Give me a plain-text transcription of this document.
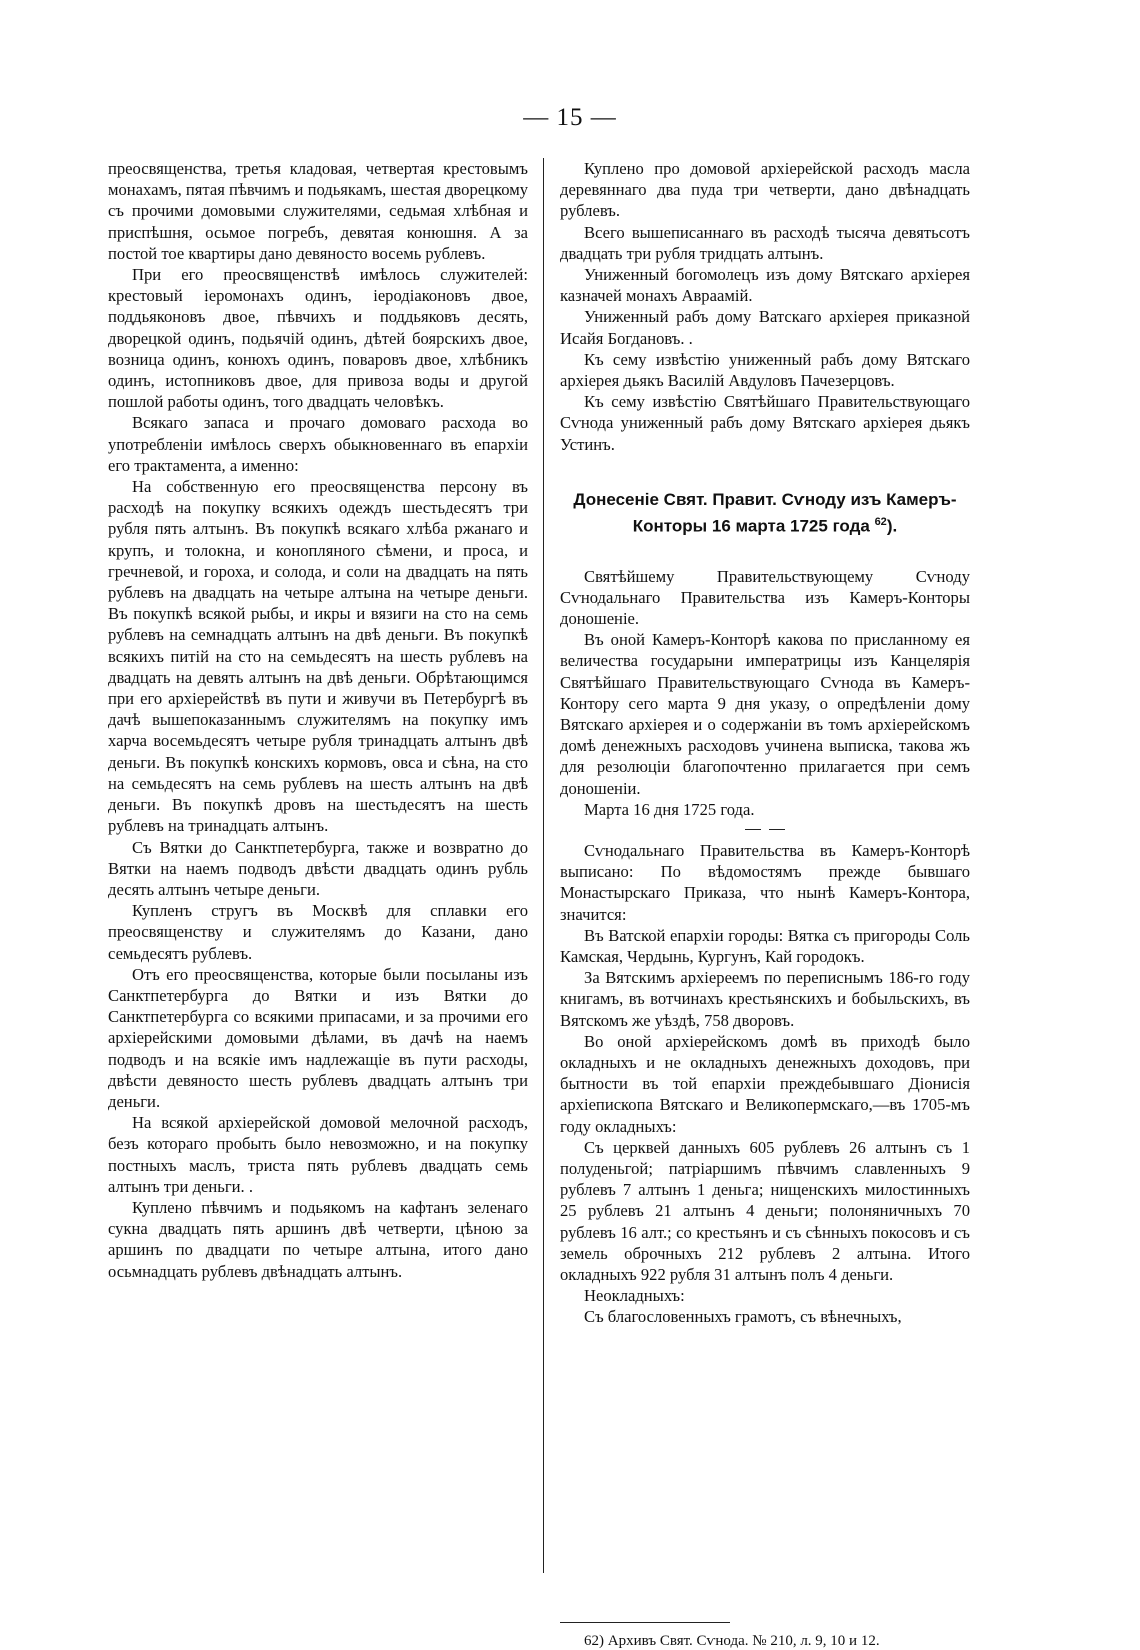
— 15 —

преосвященства, третья кладовая, четвертая крестовымъ монахамъ, пятая пѣвчимъ и подьякамъ, шестая дворецкому съ прочими домовыми служителями, седьмая хлѣбная и приспѣшня, осьмое погребъ, девятая конюшня. А за постой тое квартиры дано девяносто восемь рублевъ.

При его преосвященствѣ имѣлось служителей: крестовый іеромонахъ одинъ, іеродіаконовъ двое, поддьяконовъ двое, пѣвчихъ и поддьяковъ десять, дворецкой одинъ, подьячій одинъ, дѣтей боярскихъ двое, возница одинъ, конюхъ одинъ, поваровъ двое, хлѣбникъ одинъ, истопниковъ двое, для привоза воды и другой пошлой работы одинъ, того двадцать человѣкъ.

Всякаго запаса и прочаго домоваго расхода во употребленіи имѣлось сверхъ обыкновеннаго въ епархіи его трактамента, а именно:

На собственную его преосвященства персону въ расходѣ на покупку всякихъ одеждъ шестьдесятъ три рубля пять алтынъ. Въ покупкѣ всякаго хлѣба ржанаго и крупъ, и толокна, и конопляного сѣмени, и проса, и гречневой, и гороха, и солода, и соли на двадцать на пять рублевъ на двадцать на четыре алтына на четыре деньги. Въ покупкѣ всякой рыбы, и икры и вязиги на сто на семь рублевъ на семнадцать алтынъ на двѣ деньги. Въ покупкѣ всякихъ питій на сто на семьдесятъ на шесть рублевъ на двадцать на девять алтынъ на двѣ деньги. Обрѣтающимся при его архіерействѣ въ пути и живучи въ Петербургѣ въ дачѣ вышепоказаннымъ служителямъ на покупку имъ харча восемьдесятъ четыре рубля тринадцать алтынъ двѣ деньги. Въ покупкѣ конскихъ кормовъ, овса и сѣна, на сто на семьдесятъ на семь рублевъ на шесть алтынъ на двѣ деньги. Въ покупкѣ дровъ на шестьдесятъ на шесть рублевъ на тринадцать алтынъ.

Съ Вятки до Санктпетербурга, также и возвратно до Вятки на наемъ подводъ двѣсти двадцать одинъ рубль десять алтынъ четыре деньги.

Купленъ стругъ въ Москвѣ для сплавки его преосвященству и служителямъ до Казани, дано семьдесятъ рублевъ.

Отъ его преосвященства, которые были посыланы изъ Санктпетербурга до Вятки и изъ Вятки до Санктпетербурга со всякими припасами, и за прочими его архіерейскими домовыми дѣлами, въ дачѣ на наемъ подводъ и на всякіе имъ надлежащіе въ пути расходы, двѣсти девяносто шесть рублевъ двадцать алтынъ три деньги.

На всякой архіерейской домовой мелочной расходъ, безъ котораго пробыть было невозможно, и на покупку постныхъ маслъ, триста пять рублевъ двадцать семь алтынъ три деньги. .

Куплено пѣвчимъ и подьякомъ на кафтанъ зеленаго сукна двадцать пять аршинъ двѣ четверти, цѣною за аршинъ по двадцати по четыре алтына, итого дано осьмнадцать рублевъ двѣнадцать алтынъ.

Куплено про домовой архіерейской расходъ масла деревяннаго два пуда три четверти, дано двѣнадцать рублевъ.

Всего вышеписаннаго въ расходѣ тысяча девятьсотъ двадцать три рубля тридцать алтынъ.

Униженный богомолецъ изъ дому Вятскаго архіерея казначей монахъ Авраамій.

Униженный рабъ дому Ватскаго архіерея приказной Исайя Богдановъ. .

Къ сему извѣстію униженный рабъ дому Вятскаго архіерея дьякъ Василій Авдуловъ Пачезерцовъ.

Къ сему извѣстію Святѣйшаго Правительствующаго Сѵнода униженный рабъ дому Вятскаго архіерея дьякъ Устинъ.

Донесеніе Свят. Правит. Сѵноду изъ Камеръ-
Конторы 16 марта 1725 года $^{62}$).

Святѣйшему Правительствующему Сѵноду Сѵнодальнаго Правительства изъ Камеръ-Конторы доношеніе.

Въ оной Камеръ-Конторѣ какова по присланному ея величества государыни императрицы изъ Канцелярія Святѣйшаго Правительствующаго Сѵнода въ Камеръ-Контору сего марта 9 дня указу, о опредѣленіи дому Вятскаго архіерея и о содержаніи въ томъ архіерейскомъ домѣ денежныхъ расходовъ учинена выписка, такова жъ для резолюціи благопочтенно прилагается при семъ доношеніи.

Марта 16 дня 1725 года.

Сѵнодальнаго Правительства въ Камеръ-Конторѣ выписано: По вѣдомостямъ прежде бывшаго Монастырскаго Приказа, что нынѣ Камеръ-Контора, значится:

Въ Ватской епархіи городы: Вятка съ пригороды Соль Камская, Чердынь, Кургунъ, Кай городокъ.

За Вятскимъ архіереемъ по переписнымъ 186-го году книгамъ, въ вотчинахъ крестьянскихъ и бобыльскихъ, въ Вятскомъ же уѣздѣ, 758 дворовъ.

Во оной архіерейскомъ домѣ въ приходѣ было окладныхъ и не окладныхъ денежныхъ доходовъ, при бытности въ той епархіи преждебывшаго Діонисія архіепископа Вятскаго и Великопермскаго,—въ 1705-мъ году окладныхъ:

Съ церквей данныхъ 605 рублевъ 26 алтынъ съ 1 полуденьгой; патріаршимъ пѣвчимъ славленныхъ 9 рублевъ 7 алтынъ 1 деньга; нищенскихъ милостинныхъ 25 рублевъ 21 алтынъ 4 деньги; полоняничныхъ 70 рублевъ 16 алт.; со крестьянъ и съ сѣнныхъ покосовъ и съ земель оброчныхъ 212 рублевъ 2 алтына. Итого окладныхъ 922 рубля 31 алтынъ полъ 4 деньги.

Неокладныхъ:

Съ благословенныхъ грамотъ, съ вѣнечныхъ,

62) Архивъ Свят. Сѵнода. № 210, л. 9, 10 и 12.
